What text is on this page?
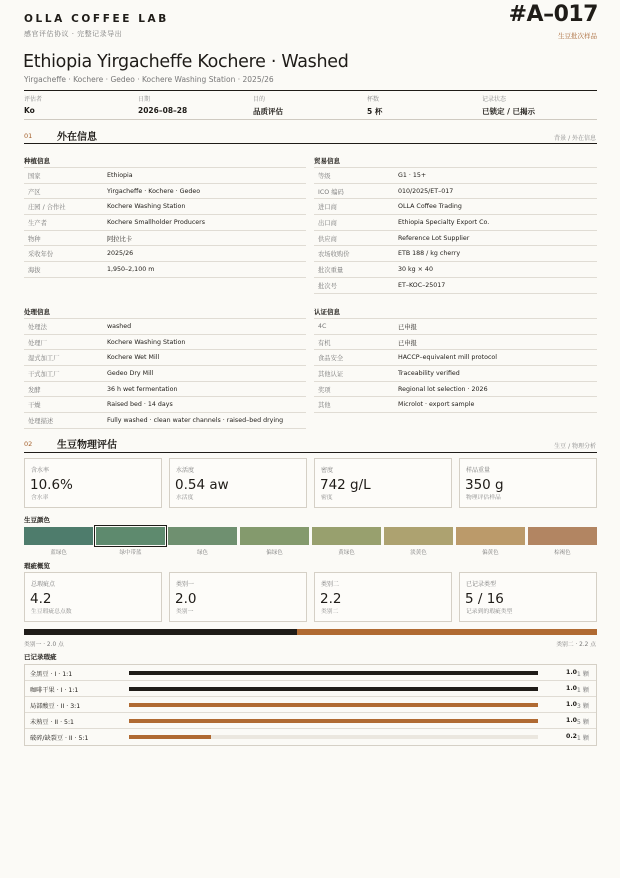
OLLA COFFEE LAB
感官评估协议 · 完整记录导出
#A–017
生豆批次样品
Ethiopia Yirgacheffe Kochere · Washed
Yirgacheffe · Kochere · Gedeo · Kochere Washing Station · 2025/26
评估者
Ko
日期
2026–08–28
目的
品质评估
杯数
5 杯
记录状态
已锁定 / 已揭示
01 外在信息	背景 / 外在信息
种植信息
国家	Ethiopia
产区	Yirgacheffe · Kochere · Gedeo
庄园 / 合作社	Kochere Washing Station
生产者	Kochere Smallholder Producers
物种	阿拉比卡
采收年份	2025/26
海拔	1,950–2,100 m
贸易信息
等级	G1 · 15+
ICO 编码	010/2025/ET–017
进口商	OLLA Coffee Trading
出口商	Ethiopia Specialty Export Co.
供应商	Reference Lot Supplier
农场收购价	ETB 188 / kg cherry
批次重量	30 kg × 40
批次号	ET–KOC–25017
处理信息
处理法	washed
处理厂	Kochere Washing Station
湿式加工厂	Kochere Wet Mill
干式加工厂	Gedeo Dry Mill
发酵	36 h wet fermentation
干燥	Raised bed · 14 days
处理描述	Fully washed · clean water channels · raised–bed drying
认证信息
4C	已申报
有机	已申报
食品安全	HACCP–equivalent mill protocol
其他认证	Traceability verified
奖项	Regional lot selection · 2026
其他	Microlot · export sample
02 生豆物理评估	生豆 / 物理分析
含水率
10.6%
含水率
水活度
0.54 aw
水活度
密度
742 g/L
密度
样品重量
350 g
物理评估样品
生豆颜色
蓝绿色	绿中带蓝	绿色	偏绿色	黄绿色	淡黄色	偏黄色	棕褐色
瑕疵概览
总瑕疵点
4.2
生豆瑕疵总点数
类别一
2.0
类别一
类别二
2.2
类别二
已记录类型
5 / 16
记录到的瑕疵类型
类别一 · 2.0 点	类别二 · 2.2 点
已记录瑕疵
全黑豆 · I · 1:1	1.0 1 颗
咖啡干果 · I · 1:1	1.0 1 颗
局部酸豆 · II · 3:1	1.0 3 颗
未熟豆 · II · 5:1	1.0 5 颗
破碎/缺裂豆 · II · 5:1	0.2 1 颗
